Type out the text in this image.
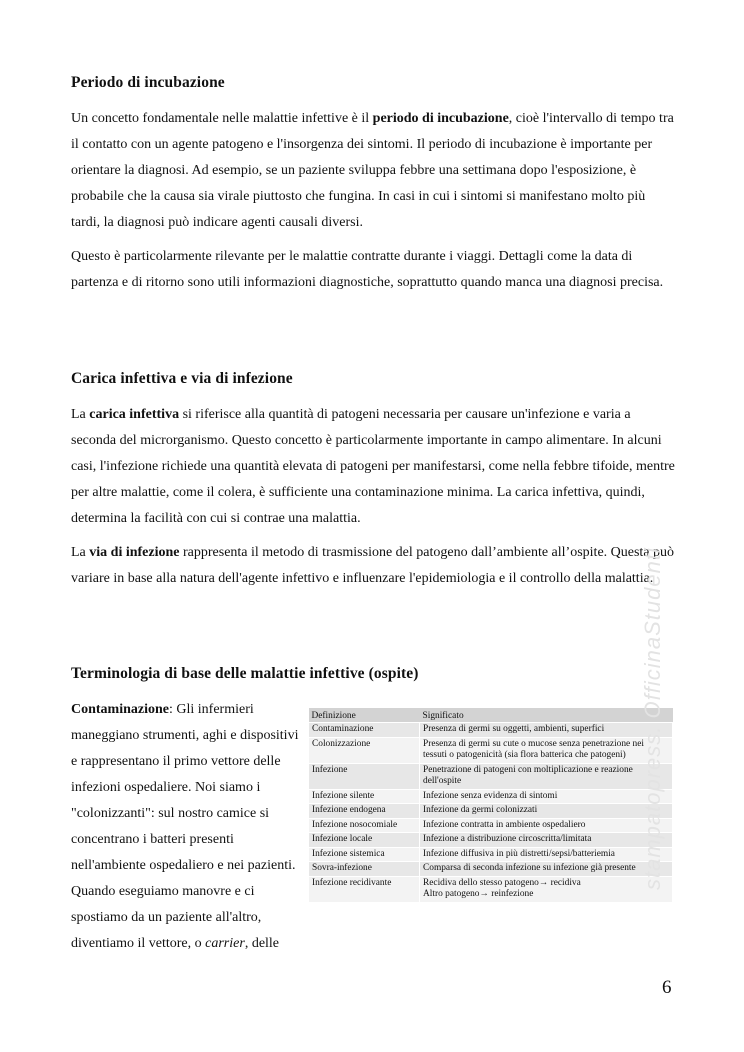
Periodo di incubazione

Un concetto fondamentale nelle malattie infettive è il periodo di incubazione, cioè l'intervallo di tempo tra il contatto con un agente patogeno e l'insorgenza dei sintomi. Il periodo di incubazione è importante per orientare la diagnosi. Ad esempio, se un paziente sviluppa febbre una settimana dopo l'esposizione, è probabile che la causa sia virale piuttosto che fungina. In casi in cui i sintomi si manifestano molto più tardi, la diagnosi può indicare agenti causali diversi.

Questo è particolarmente rilevante per le malattie contratte durante i viaggi. Dettagli come la data di partenza e di ritorno sono utili informazioni diagnostiche, soprattutto quando manca una diagnosi precisa.

Carica infettiva e via di infezione

La carica infettiva si riferisce alla quantità di patogeni necessaria per causare un'infezione e varia a seconda del microrganismo. Questo concetto è particolarmente importante in campo alimentare. In alcuni casi, l'infezione richiede una quantità elevata di patogeni per manifestarsi, come nella febbre tifoide, mentre per altre malattie, come il colera, è sufficiente una contaminazione minima. La carica infettiva, quindi, determina la facilità con cui si contrae una malattia.

La via di infezione rappresenta il metodo di trasmissione del patogeno dall’ambiente all’ospite. Questa può variare in base alla natura dell'agente infettivo e influenzare l'epidemiologia e il controllo della malattia.

Terminologia di base delle malattie infettive (ospite)

Contaminazione: Gli infermieri maneggiano strumenti, aghi e dispositivi e rappresentano il primo vettore delle infezioni ospedaliere. Noi siamo i "colonizzanti": sul nostro camice si concentrano i batteri presenti nell'ambiente ospedaliero e nei pazienti. Quando eseguiamo manovre e ci spostiamo da un paziente all'altro, diventiamo il vettore, o carrier, delle

Definizione	Significato
Contaminazione	Presenza di germi su oggetti, ambienti, superfici
Colonizzazione	Presenza di germi su cute o mucose senza penetrazione nei tessuti o patogenicità (sia flora batterica che patogeni)
Infezione	Penetrazione di patogeni con moltiplicazione e reazione dell'ospite
Infezione silente	Infezione senza evidenza di sintomi
Infezione endogena	Infezione da germi colonizzati
Infezione nosocomiale	Infezione contratta in ambiente ospedaliero
Infezione locale	Infezione a distribuzione circoscritta/limitata
Infezione sistemica	Infezione diffusiva in più distretti/sepsi/batteriemia
Sovra-infezione	Comparsa di seconda infezione su infezione già presente
Infezione recidivante	Recidiva dello stesso patogeno→ recidiva
Altro patogeno→ reinfezione
stampatopress. OfficinaStudenti
6
